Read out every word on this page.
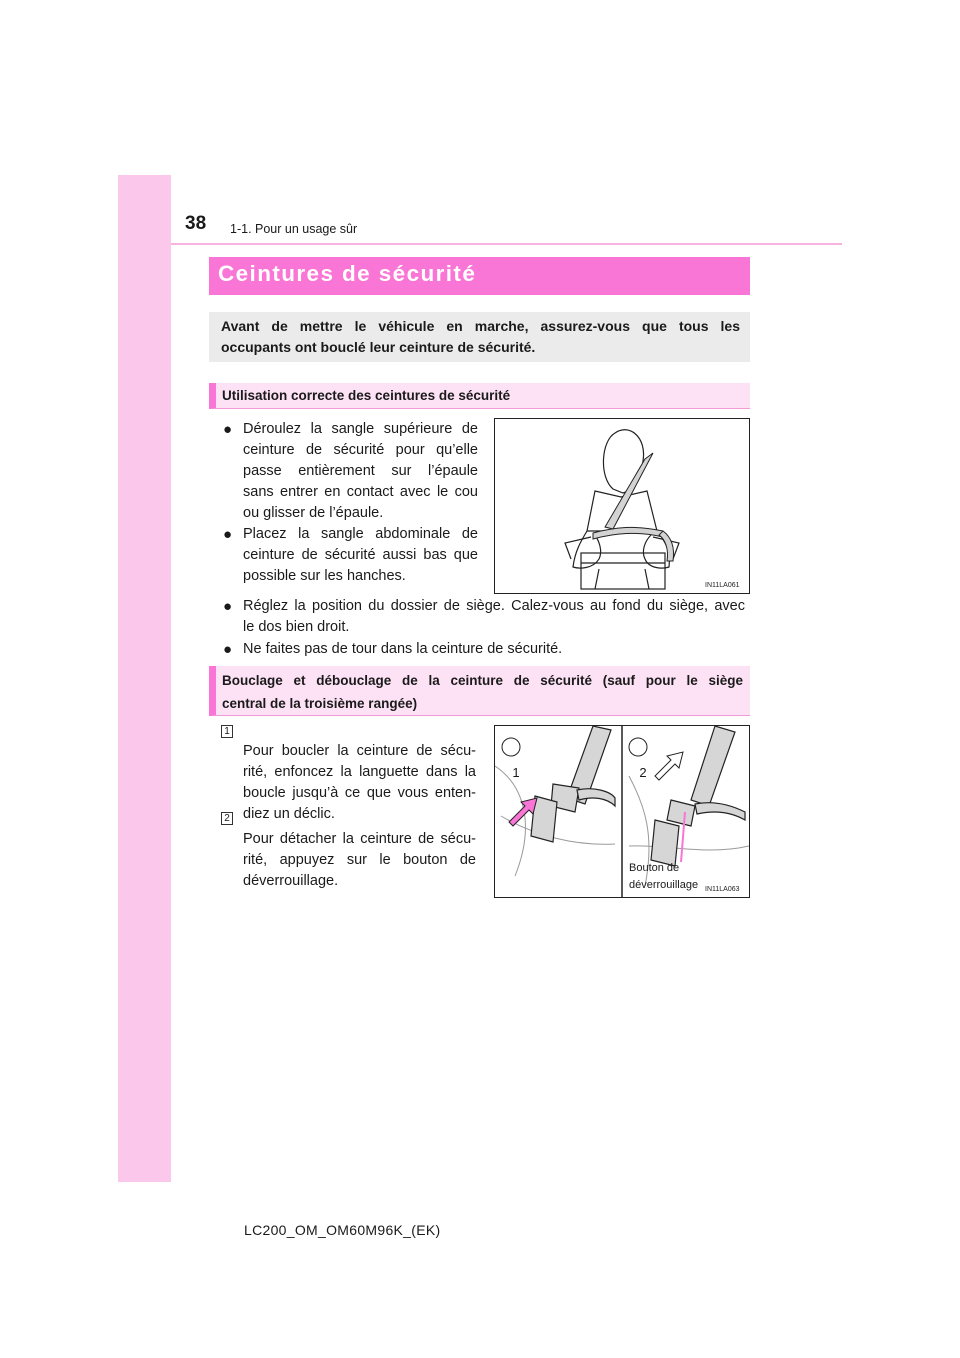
38 1-1. Pour un usage sûr
Ceintures de sécurité
Avant de mettre le véhicule en marche, assurez-vous que tous les
occupants ont bouclé leur ceinture de sécurité.
Utilisation correcte des ceintures de sécurité
● Déroulez la sangle supérieure de
ceinture de sécurité pour qu’elle
passe entièrement sur l’épaule
sans entrer en contact avec le cou
ou glisser de l’épaule.
● Placez la sangle abdominale de
ceinture de sécurité aussi bas que
possible sur les hanches.
● Réglez la position du dossier de siège. Calez-vous au fond du siège, avec
le dos bien droit.
● Ne faites pas de tour dans la ceinture de sécurité.
IN11LA061
Bouclage et débouclage de la ceinture de sécurité (sauf pour le siège
central de la troisième rangée)
1
Pour boucler la ceinture de sécu-
rité, enfoncez la languette dans la
boucle jusqu’à ce que vous enten-
diez un déclic.
2
Pour détacher la ceinture de sécu-
rité, appuyez sur le bouton de
déverrouillage.
1	2
Bouton de
déverrouillage IN11LA063
LC200_OM_OM60M96K_(EK)
